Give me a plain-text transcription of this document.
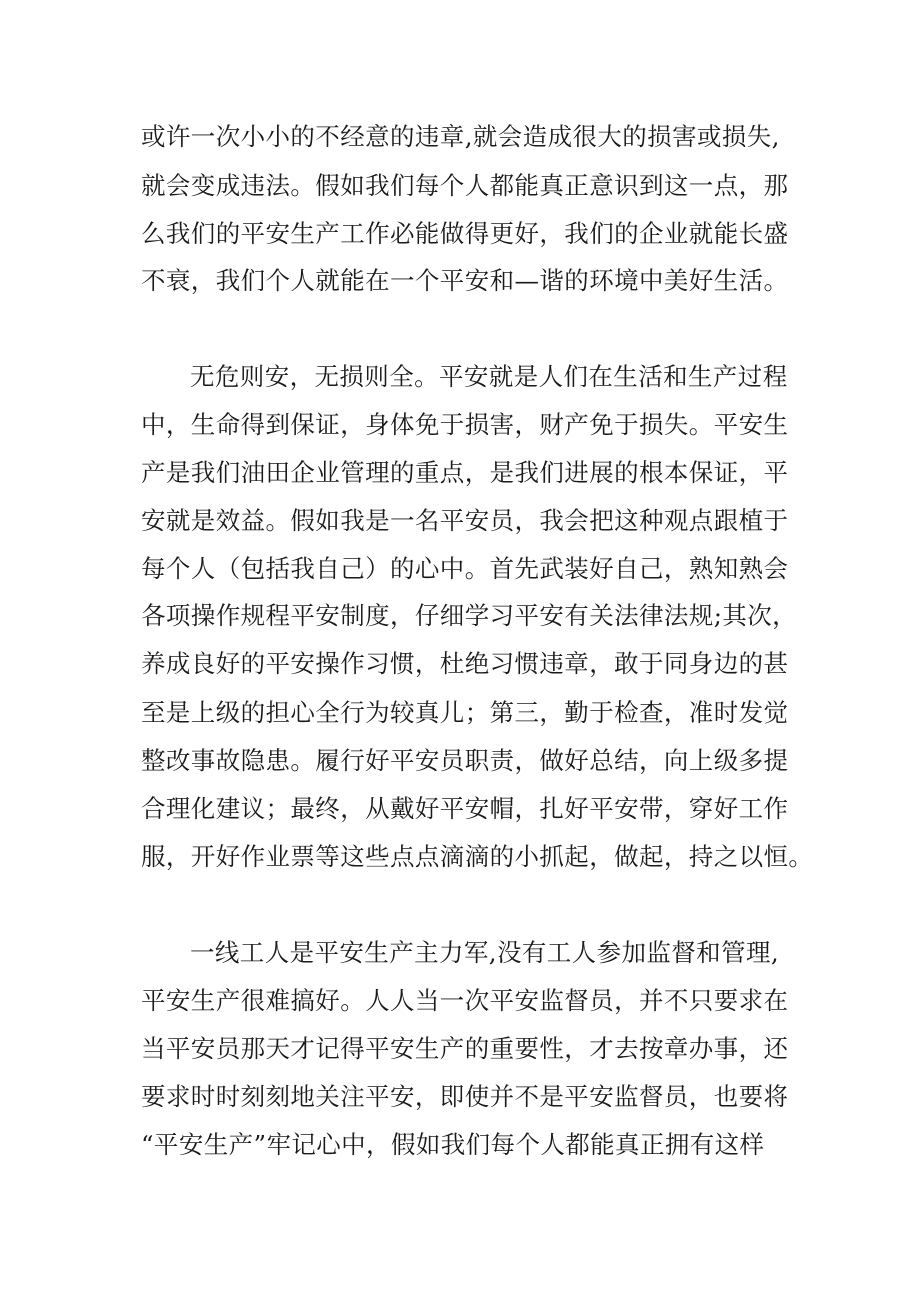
或许一次小小的不经意的违章,就会造成很大的损害或损失,
就会变成违法。假如我们每个人都能真正意识到这一点，那
么我们的平安生产工作必能做得更好，我们的企业就能长盛
不衰，我们个人就能在一个平安和—谐的环境中美好生活。
无危则安，无损则全。平安就是人们在生活和生产过程
中，生命得到保证，身体免于损害，财产免于损失。平安生
产是我们油田企业管理的重点，是我们进展的根本保证，平
安就是效益。假如我是一名平安员，我会把这种观点跟植于
每个人（包括我自己）的心中。首先武装好自己，熟知熟会
各项操作规程平安制度，仔细学习平安有关法律法规;其次，
养成良好的平安操作习惯，杜绝习惯违章，敢于同身边的甚
至是上级的担心全行为较真儿；第三，勤于检查，准时发觉
整改事故隐患。履行好平安员职责，做好总结，向上级多提
合理化建议；最终，从戴好平安帽，扎好平安带，穿好工作
服，开好作业票等这些点点滴滴的小抓起，做起，持之以恒。
一线工人是平安生产主力军,没有工人参加监督和管理,
平安生产很难搞好。人人当一次平安监督员，并不只要求在
当平安员那天才记得平安生产的重要性，才去按章办事，还
要求时时刻刻地关注平安，即使并不是平安监督员，也要将
“平安生产”牢记心中，假如我们每个人都能真正拥有这样
